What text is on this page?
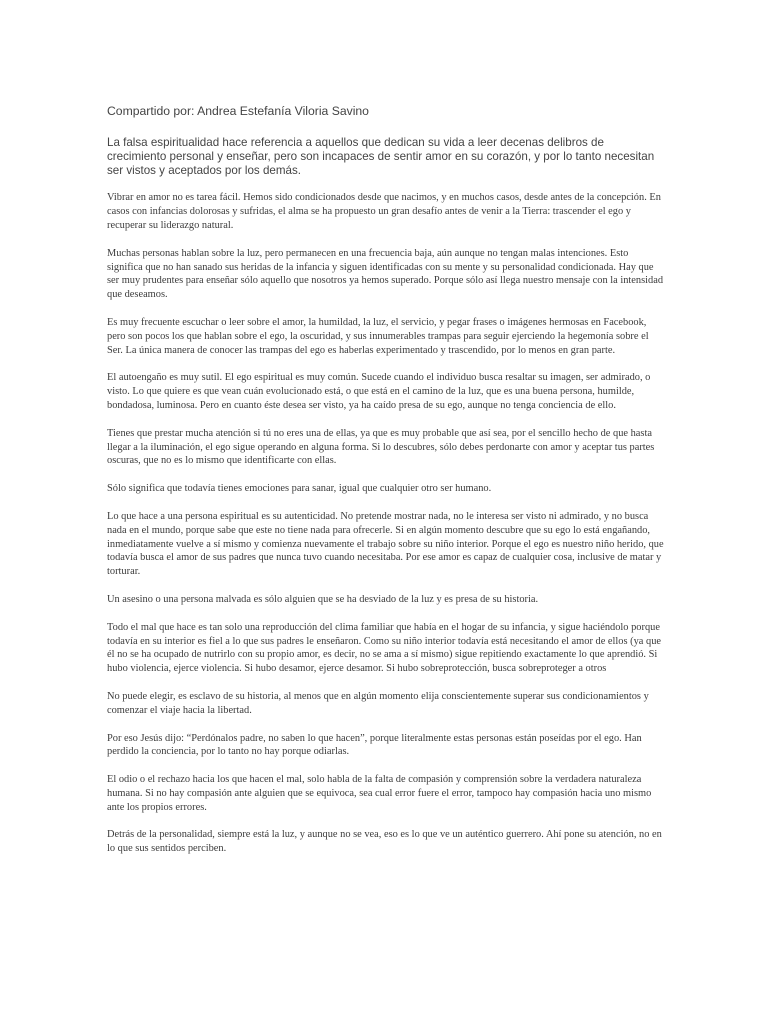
Compartido por: Andrea Estefanía Viloria Savino

La falsa espiritualidad hace referencia a aquellos que dedican su vida a leer decenas delibros de crecimiento personal y enseñar, pero son incapaces de sentir amor en su corazón, y por lo tanto necesitan ser vistos y aceptados por los demás.

Vibrar en amor no es tarea fácil. Hemos sido condicionados desde que nacimos, y en muchos casos, desde antes de la concepción. En casos con infancias dolorosas y sufridas, el alma se ha propuesto un gran desafío antes de venir a la Tierra: trascender el ego y recuperar su liderazgo natural.

Muchas personas hablan sobre la luz, pero permanecen en una frecuencia baja, aún aunque no tengan malas intenciones. Esto significa que no han sanado sus heridas de la infancia y siguen identificadas con su mente y su personalidad condicionada. Hay que ser muy prudentes para enseñar sólo aquello que nosotros ya hemos superado. Porque sólo así llega nuestro mensaje con la intensidad que deseamos.

Es muy frecuente escuchar o leer sobre el amor, la humildad, la luz, el servicio, y pegar frases o imágenes hermosas en Facebook, pero son pocos los que hablan sobre el ego, la oscuridad, y sus innumerables trampas para seguir ejerciendo la hegemonía sobre el Ser. La única manera de conocer las trampas del ego es haberlas experimentado y trascendido, por lo menos en gran parte.

El autoengaño es muy sutil. El ego espiritual es muy común. Sucede cuando el individuo busca resaltar su imagen, ser admirado, o visto. Lo que quiere es que vean cuán evolucionado está, o que está en el camino de la luz, que es una buena persona, humilde, bondadosa, luminosa. Pero en cuanto éste desea ser visto, ya ha caído presa de su ego, aunque no tenga conciencia de ello.

Tienes que prestar mucha atención si tú no eres una de ellas, ya que es muy probable que así sea, por el sencillo hecho de que hasta llegar a la iluminación, el ego sigue operando en alguna forma. Si lo descubres, sólo debes perdonarte con amor y aceptar tus partes oscuras, que no es lo mismo que identificarte con ellas.

Sólo significa que todavía tienes emociones para sanar, igual que cualquier otro ser humano.

Lo que hace a una persona espiritual es su autenticidad. No pretende mostrar nada, no le interesa ser visto ni admirado, y no busca nada en el mundo, porque sabe que este no tiene nada para ofrecerle. Si en algún momento descubre que su ego lo está engañando, inmediatamente vuelve a sí mismo y comienza nuevamente el trabajo sobre su niño interior. Porque el ego es nuestro niño herido, que todavía busca el amor de sus padres que nunca tuvo cuando necesitaba. Por ese amor es capaz de cualquier cosa, inclusive de matar y torturar.

Un asesino o una persona malvada es sólo alguien que se ha desviado de la luz y es presa de su historia.

Todo el mal que hace es tan solo una reproducción del clima familiar que había en el hogar de su infancia, y sigue haciéndolo porque todavía en su interior es fiel a lo que sus padres le enseñaron. Como su niño interior todavía está necesitando el amor de ellos (ya que él no se ha ocupado de nutrirlo con su propio amor, es decir, no se ama a sí mismo) sigue repitiendo exactamente lo que aprendió. Si hubo violencia, ejerce violencia. Si hubo desamor, ejerce desamor. Si hubo sobreprotección, busca sobreproteger a otros

No puede elegir, es esclavo de su historia, al menos que en algún momento elija conscientemente superar sus condicionamientos y comenzar el viaje hacia la libertad.

Por eso Jesús dijo: “Perdónalos padre, no saben lo que hacen”, porque literalmente estas personas están poseídas por el ego. Han perdido la conciencia, por lo tanto no hay porque odiarlas.

El odio o el rechazo hacia los que hacen el mal, solo habla de la falta de compasión y comprensión sobre la verdadera naturaleza humana. Si no hay compasión ante alguien que se equivoca, sea cual error fuere el error, tampoco hay compasión hacia uno mismo ante los propios errores.

Detrás de la personalidad, siempre está la luz, y aunque no se vea, eso es lo que ve un auténtico guerrero. Ahí pone su atención, no en lo que sus sentidos perciben.
